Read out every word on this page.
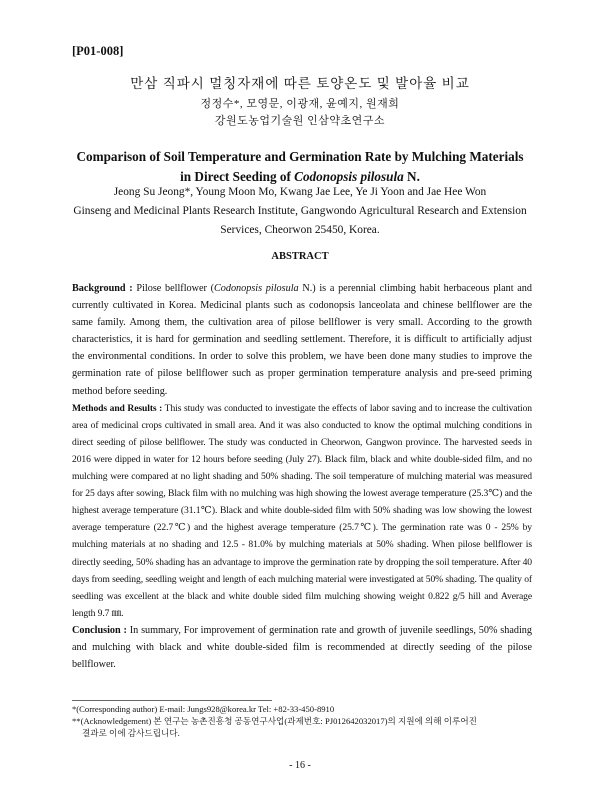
[P01-008]
만삼 직파시 멀칭자재에 따른 토양온도 및 발아율 비교
정정수*, 모영문, 이광재, 윤예지, 원재희
강원도농업기술원 인삼약초연구소
Comparison of Soil Temperature and Germination Rate by Mulching Materials
in Direct Seeding of Codonopsis pilosula N.
Jeong Su Jeong*, Young Moon Mo, Kwang Jae Lee, Ye Ji Yoon and Jae Hee Won
Ginseng and Medicinal Plants Research Institute, Gangwondo Agricultural Research and Extension Services, Cheorwon 25450, Korea.
ABSTRACT

Background : Pilose bellflower (Codonopsis pilosula N.) is a perennial climbing habit herbaceous plant and currently cultivated in Korea. Medicinal plants such as codonopsis lanceolata and chinese bellflower are the same family. Among them, the cultivation area of pilose bellflower is very small. According to the growth characteristics, it is hard for germination and seedling settlement. Therefore, it is difficult to artificially adjust the environmental conditions. In order to solve this problem, we have been done many studies to improve the germination rate of pilose bellflower such as proper germination temperature analysis and pre-seed priming method before seeding.

Methods and Results : This study was conducted to investigate the effects of labor saving and to increase the cultivation area of medicinal crops cultivated in small area. And it was also conducted to know the optimal mulching conditions in direct seeding of pilose bellflower. The study was conducted in Cheorwon, Gangwon province. The harvested seeds in 2016 were dipped in water for 12 hours before seeding (July 27). Black film, black and white double-sided film, and no mulching were compared at no light shading and 50% shading. The soil temperature of mulching material was measured for 25 days after sowing, Black film with no mulching was high showing the lowest average temperature (25.3℃) and the highest average temperature (31.1℃). Black and white double-sided film with 50% shading was low showing the lowest average temperature (22.7℃) and the highest average temperature (25.7℃). The germination rate was 0 - 25% by mulching materials at no shading and 12.5 - 81.0% by mulching materials at 50% shading. When pilose bellflower is directly seeding, 50% shading has an advantage to improve the germination rate by dropping the soil temperature. After 40 days from seeding, seedling weight and length of each mulching material were investigated at 50% shading. The quality of seedling was excellent at the black and white double sided film mulching showing weight 0.822 g/5 hill and Average length 9.7 ㎜.

Conclusion : In summary, For improvement of germination rate and growth of juvenile seedlings, 50% shading and mulching with black and white double-sided film is recommended at directly seeding of the pilose bellflower.

*(Corresponding author) E-mail: Jungs928@korea.kr Tel: +82-33-450-8910
**(Acknowledgement) 본 연구는 농촌진흥청 공동연구사업(과제번호: PJ012642032017)의 지원에 의해 이루어진
결과로 이에 감사드립니다.
- 16 -
